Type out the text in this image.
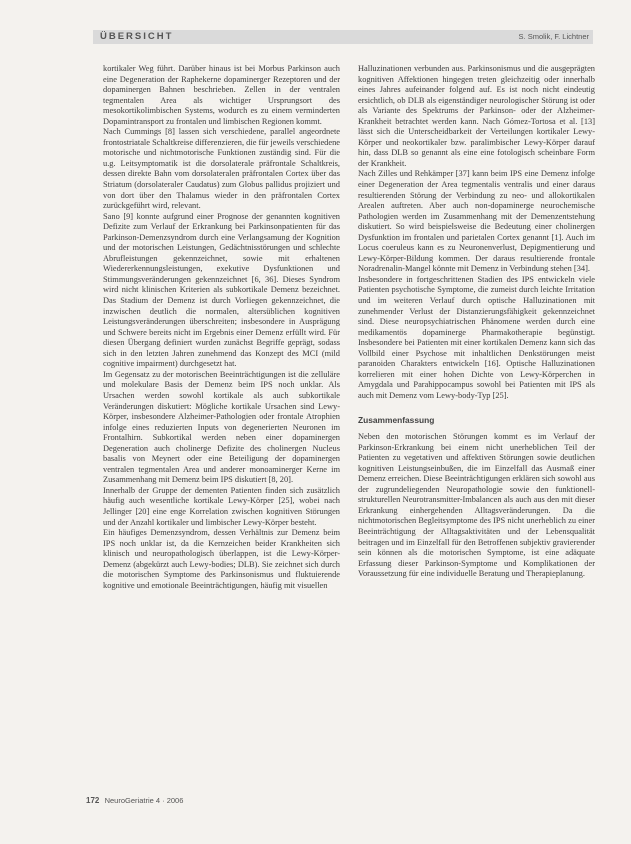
ÜBERSICHT	S. Smolik, F. Lichtner

kortikaler Weg führt. Darüber hinaus ist bei Morbus Parkinson auch eine Degeneration der Raphekerne dopaminerger Rezeptoren und der dopaminergen Bahnen beschrieben. Zellen in der ventralen tegmentalen Area als wichtiger Ursprungsort des mesokortikolimbischen Systems, wodurch es zu einem verminderten Dopamintransport zu frontalen und limbischen Regionen kommt.

Nach Cummings [8] lassen sich verschiedene, parallel angeordnete frontostriatale Schaltkreise differenzieren, die für jeweils verschiedene motorische und nichtmotorische Funktionen zuständig sind. Für die u.g. Leitsymptomatik ist die dorsolaterale präfrontale Schaltkreis, dessen direkte Bahn vom dorsolateralen präfrontalen Cortex über das Striatum (dorsolateraler Caudatus) zum Globus pallidus projiziert und von dort über den Thalamus wieder in den präfrontalen Cortex zurückgeführt wird, relevant.

Sano [9] konnte aufgrund einer Prognose der genannten kognitiven Defizite zum Verlauf der Erkrankung bei Parkinsonpatienten für das Parkinson-Demenzsyndrom durch eine Verlangsamung der Kognition und der motorischen Leistungen, Gedächtnisstörungen und schlechte Abrufleistungen gekennzeichnet, sowie mit erhaltenen Wiedererkennungsleistungen, exekutive Dysfunktionen und Stimmungsveränderungen gekennzeichnet [6, 36]. Dieses Syndrom wird nicht klinischen Kriterien als subkortikale Demenz bezeichnet. Das Stadium der Demenz ist durch Vorliegen gekennzeichnet, die inzwischen deutlich die normalen, altersüblichen kognitiven Leistungsveränderungen überschreiten; insbesondere in Ausprägung und Schwere bereits nicht im Ergebnis einer Demenz erfüllt wird. Für diesen Übergang definiert wurden zunächst Begriffe geprägt, sodass sich in den letzten Jahren zunehmend das Konzept des MCI (mild cognitive impairment) durchgesetzt hat.

Im Gegensatz zu der motorischen Beeinträchtigungen ist die zelluläre und molekulare Basis der Demenz beim IPS noch unklar. Als Ursachen werden sowohl kortikale als auch subkortikale Veränderungen diskutiert: Mögliche kortikale Ursachen sind Lewy-Körper, insbesondere Alzheimer-Pathologien oder frontale Atrophien infolge eines reduzierten Inputs von degenerierten Neuronen im Frontalhirn. Subkortikal werden neben einer dopaminergen Degeneration auch cholinerge Defizite des cholinergen Nucleus basalis von Meynert oder eine Beteiligung der dopaminergen ventralen tegmentalen Area und anderer monoaminerger Kerne im Zusammenhang mit Demenz beim IPS diskutiert [8, 20].

Innerhalb der Gruppe der dementen Patienten finden sich zusätzlich häufig auch wesentliche kortikale Lewy-Körper [25], wobei nach Jellinger [20] eine enge Korrelation zwischen kognitiven Störungen und der Anzahl kortikaler und limbischer Lewy-Körper besteht.

Ein häufiges Demenzsyndrom, dessen Verhältnis zur Demenz beim IPS noch unklar ist, da die Kernzeichen beider Krankheiten sich klinisch und neuropathologisch überlappen, ist die Lewy-Körper-Demenz (abgekürzt auch Lewy-bodies; DLB). Sie zeichnet sich durch die motorischen Symptome des Parkinsonismus und fluktuierende kognitive und emotionale Beeinträchtigungen, häufig mit visuellen

Halluzinationen verbunden aus. Parkinsonismus und die ausgeprägten kognitiven Affektionen hingegen treten gleichzeitig oder innerhalb eines Jahres aufeinander folgend auf. Es ist noch nicht eindeutig ersichtlich, ob DLB als eigenständiger neurologischer Störung ist oder als Variante des Spektrums der Parkinson- oder der Alzheimer-Krankheit betrachtet werden kann. Nach Gómez-Tortosa et al. [13] lässt sich die Unterscheidbarkeit der Verteilungen kortikaler Lewy-Körper und neokortikaler bzw. paralimbischer Lewy-Körper darauf hin, dass DLB so genannt als eine eine fotologisch scheinbare Form der Krankheit.

Nach Zilles und Rehkämper [37] kann beim IPS eine Demenz infolge einer Degeneration der Area tegmentalis ventralis und einer daraus resultierenden Störung der Verbindung zu neo- und allokortikalen Arealen auftreten. Aber auch non-dopaminerge neurochemische Pathologien werden im Zusammenhang mit der Demenzentstehung diskutiert. So wird beispielsweise die Bedeutung einer cholinergen Dysfunktion im frontalen und parietalen Cortex genannt [1]. Auch im Locus coeruleus kann es zu Neuronenverlust, Depigmentierung und Lewy-Körper-Bildung kommen. Der daraus resultierende frontale Noradrenalin-Mangel könnte mit Demenz in Verbindung stehen [34].

Insbesondere in fortgeschrittenen Stadien des IPS entwickeln viele Patienten psychotische Symptome, die zumeist durch leichte Irritation und im weiteren Verlauf durch optische Halluzinationen mit zunehmender Verlust der Distanzierungsfähigkeit gekennzeichnet sind. Diese neuropsychiatrischen Phänomene werden durch eine medikamentös dopaminerge Pharmakotherapie begünstigt. Insbesondere bei Patienten mit einer kortikalen Demenz kann sich das Vollbild einer Psychose mit inhaltlichen Denkstörungen meist paranoiden Charakters entwickeln [16]. Optische Halluzinationen korrelieren mit einer hohen Dichte von Lewy-Körperchen in Amygdala und Parahippocampus sowohl bei Patienten mit IPS als auch mit Demenz vom Lewy-body-Typ [25].

Zusammenfassung

Neben den motorischen Störungen kommt es im Verlauf der Parkinson-Erkrankung bei einem nicht unerheblichen Teil der Patienten zu vegetativen und affektiven Störungen sowie deutlichen kognitiven Leistungseinbußen, die im Einzelfall das Ausmaß einer Demenz erreichen. Diese Beeinträchtigungen erklären sich sowohl aus der zugrundeliegenden Neuropathologie sowie den funktionell-strukturellen Neurotransmitter-Imbalancen als auch aus den mit dieser Erkrankung einhergehenden Alltagsveränderungen. Da die nichtmotorischen Begleitsymptome des IPS nicht unerheblich zu einer Beeinträchtigung der Alltagsaktivitäten und der Lebensqualität beitragen und im Einzelfall für den Betroffenen subjektiv gravierender sein können als die motorischen Symptome, ist eine adäquate Erfassung dieser Parkinson-Symptome und Komplikationen der Voraussetzung für eine individuelle Beratung und Therapieplanung.

172 NeuroGeriatrie 4 · 2006
